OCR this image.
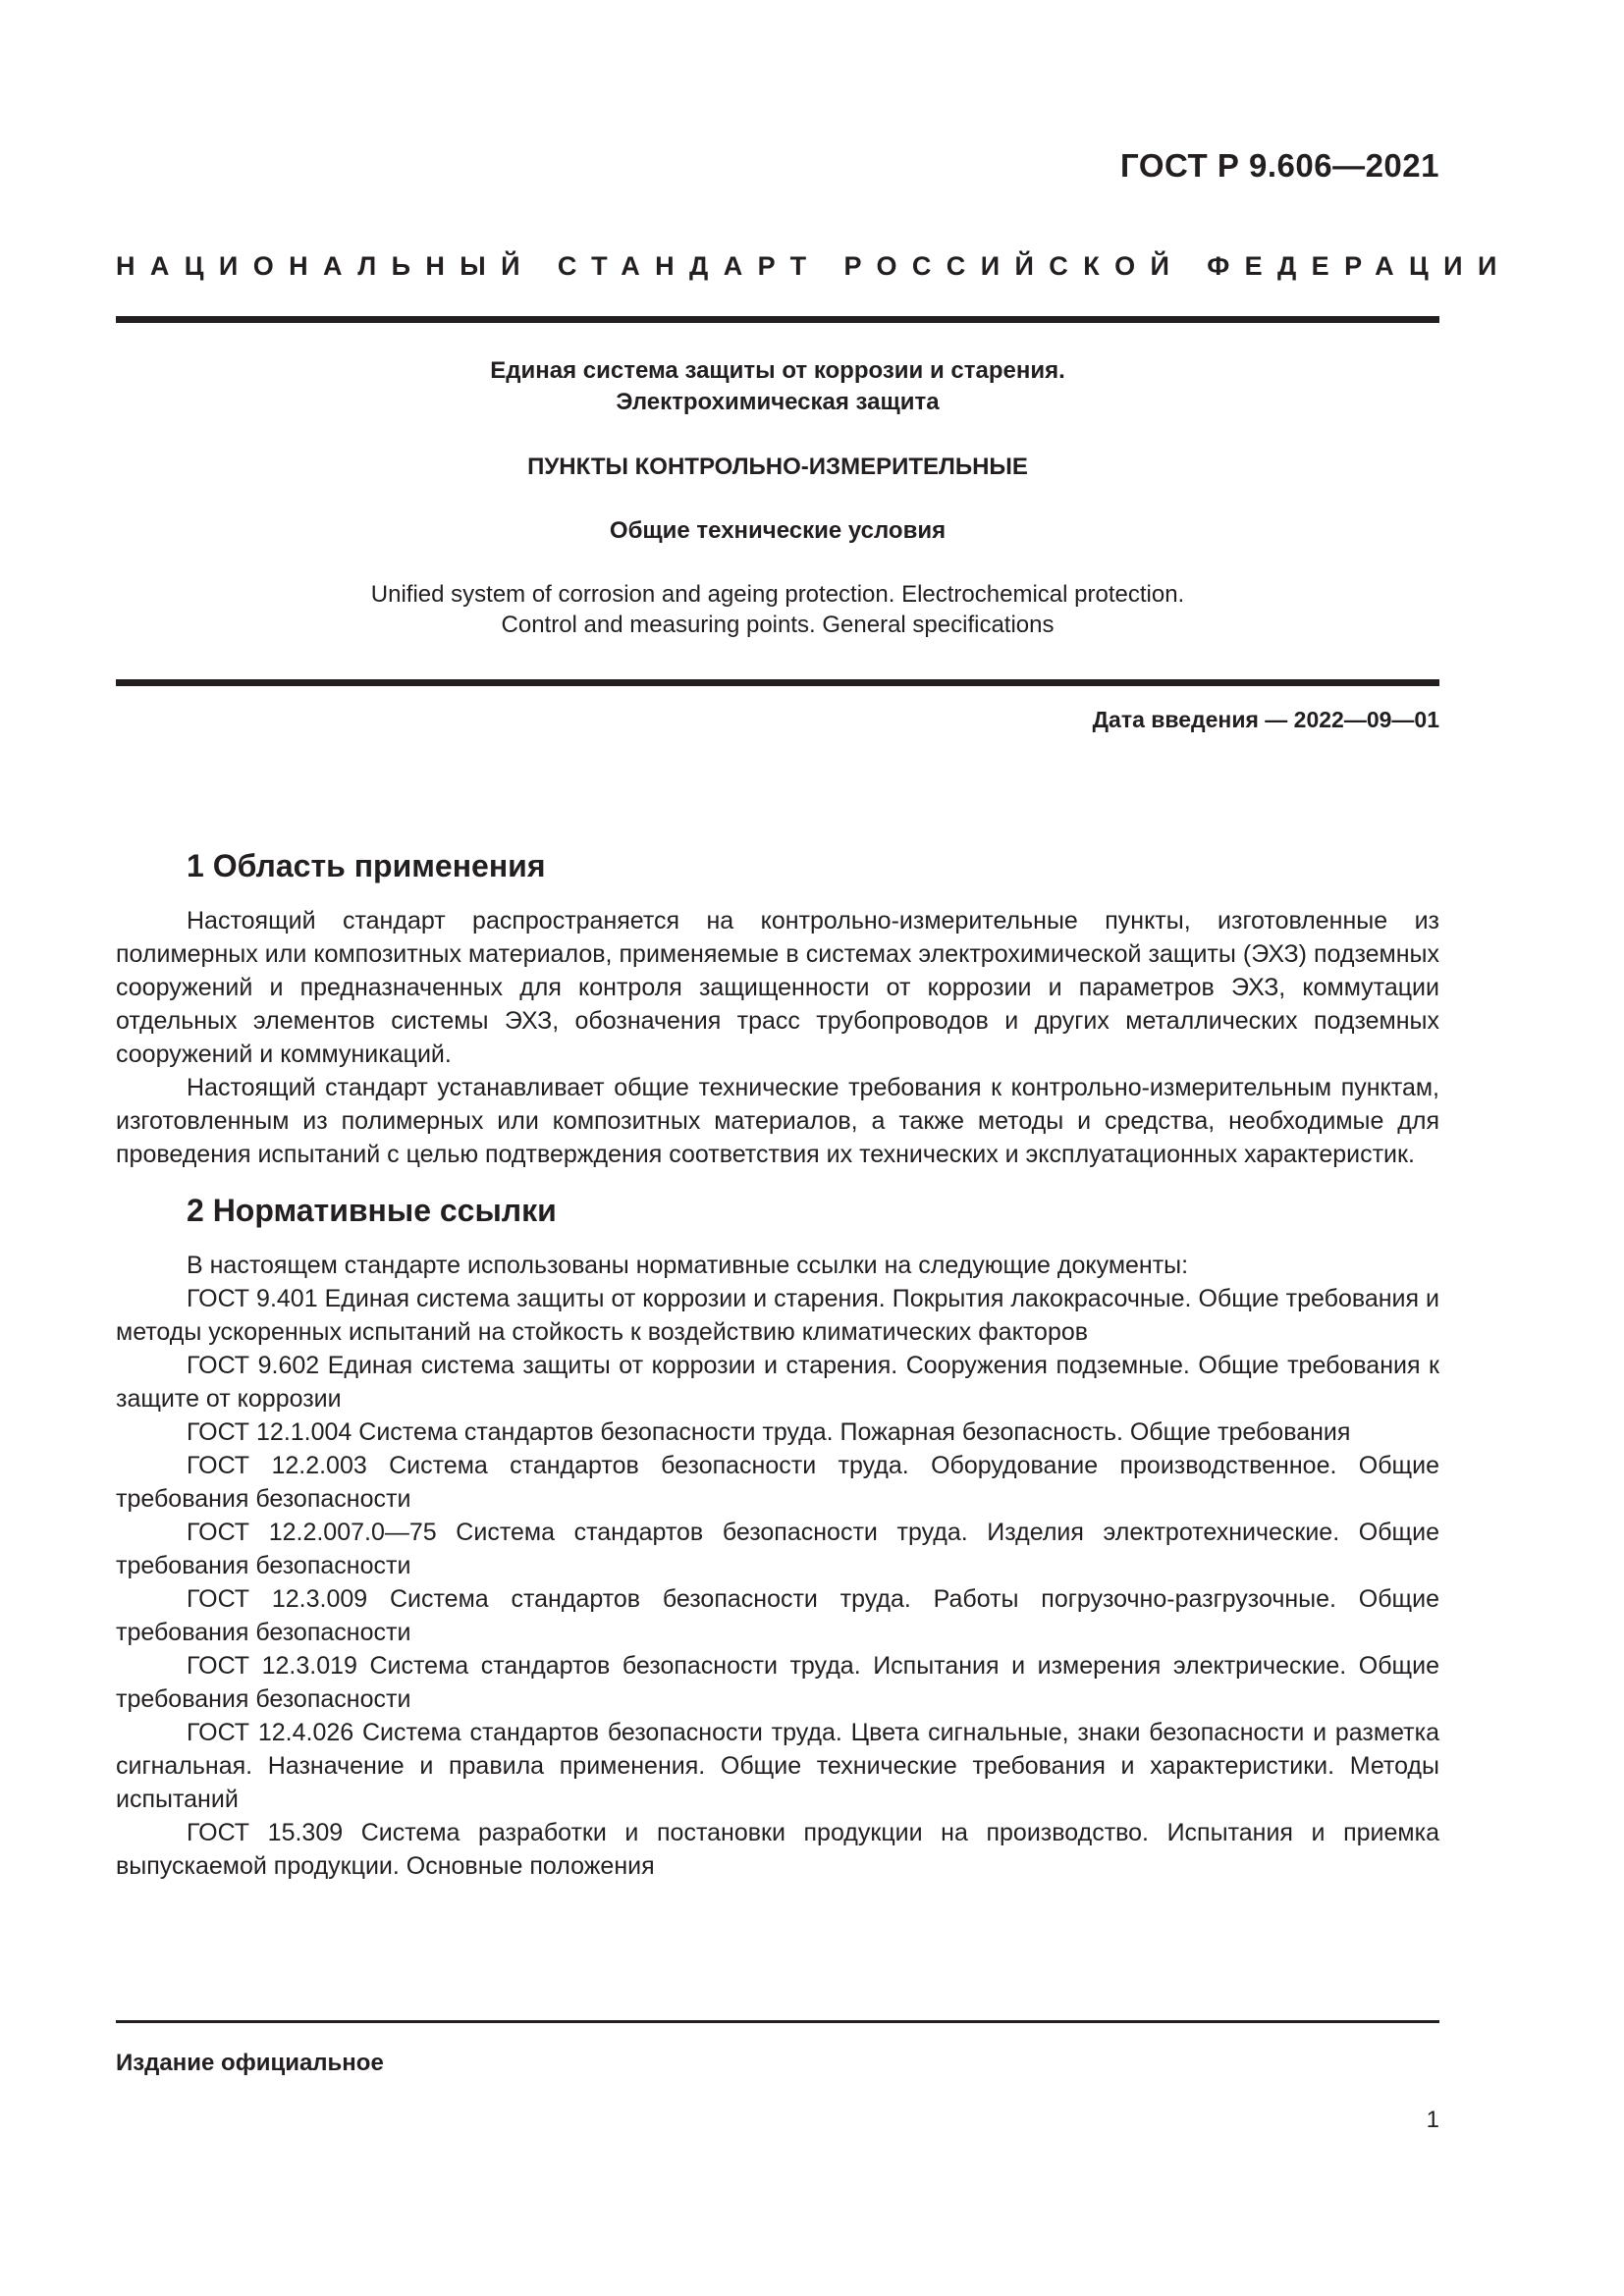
ГОСТ Р 9.606—2021
НАЦИОНАЛЬНЫЙ СТАНДАРТ РОССИЙСКОЙ ФЕДЕРАЦИИ
Единая система защиты от коррозии и старения.
Электрохимическая защита
ПУНКТЫ КОНТРОЛЬНО-ИЗМЕРИТЕЛЬНЫЕ
Общие технические условия
Unified system of corrosion and ageing protection. Electrochemical protection.
Control and measuring points. General specifications
Дата введения — 2022—09—01
1 Область применения

Настоящий стандарт распространяется на контрольно-измерительные пункты, изготовленные из полимерных или композитных материалов, применяемые в системах электрохимической защиты (ЭХЗ) подземных сооружений и предназначенных для контроля защищенности от коррозии и параметров ЭХЗ, коммутации отдельных элементов системы ЭХЗ, обозначения трасс трубопроводов и других металлических подземных сооружений и коммуникаций.

Настоящий стандарт устанавливает общие технические требования к контрольно-измерительным пунктам, изготовленным из полимерных или композитных материалов, а также методы и средства, необходимые для проведения испытаний с целью подтверждения соответствия их технических и эксплуатационных характеристик.

2 Нормативные ссылки

В настоящем стандарте использованы нормативные ссылки на следующие документы:

ГОСТ 9.401 Единая система защиты от коррозии и старения. Покрытия лакокрасочные. Общие требования и методы ускоренных испытаний на стойкость к воздействию климатических факторов

ГОСТ 9.602 Единая система защиты от коррозии и старения. Сооружения подземные. Общие требования к защите от коррозии

ГОСТ 12.1.004 Система стандартов безопасности труда. Пожарная безопасность. Общие требования

ГОСТ 12.2.003 Система стандартов безопасности труда. Оборудование производственное. Общие требования безопасности

ГОСТ 12.2.007.0—75 Система стандартов безопасности труда. Изделия электротехнические. Общие требования безопасности

ГОСТ 12.3.009 Система стандартов безопасности труда. Работы погрузочно-разгрузочные. Общие требования безопасности

ГОСТ 12.3.019 Система стандартов безопасности труда. Испытания и измерения электрические. Общие требования безопасности

ГОСТ 12.4.026 Система стандартов безопасности труда. Цвета сигнальные, знаки безопасности и разметка сигнальная. Назначение и правила применения. Общие технические требования и характеристики. Методы испытаний

ГОСТ 15.309 Система разработки и постановки продукции на производство. Испытания и приемка выпускаемой продукции. Основные положения

Издание официальное
1
